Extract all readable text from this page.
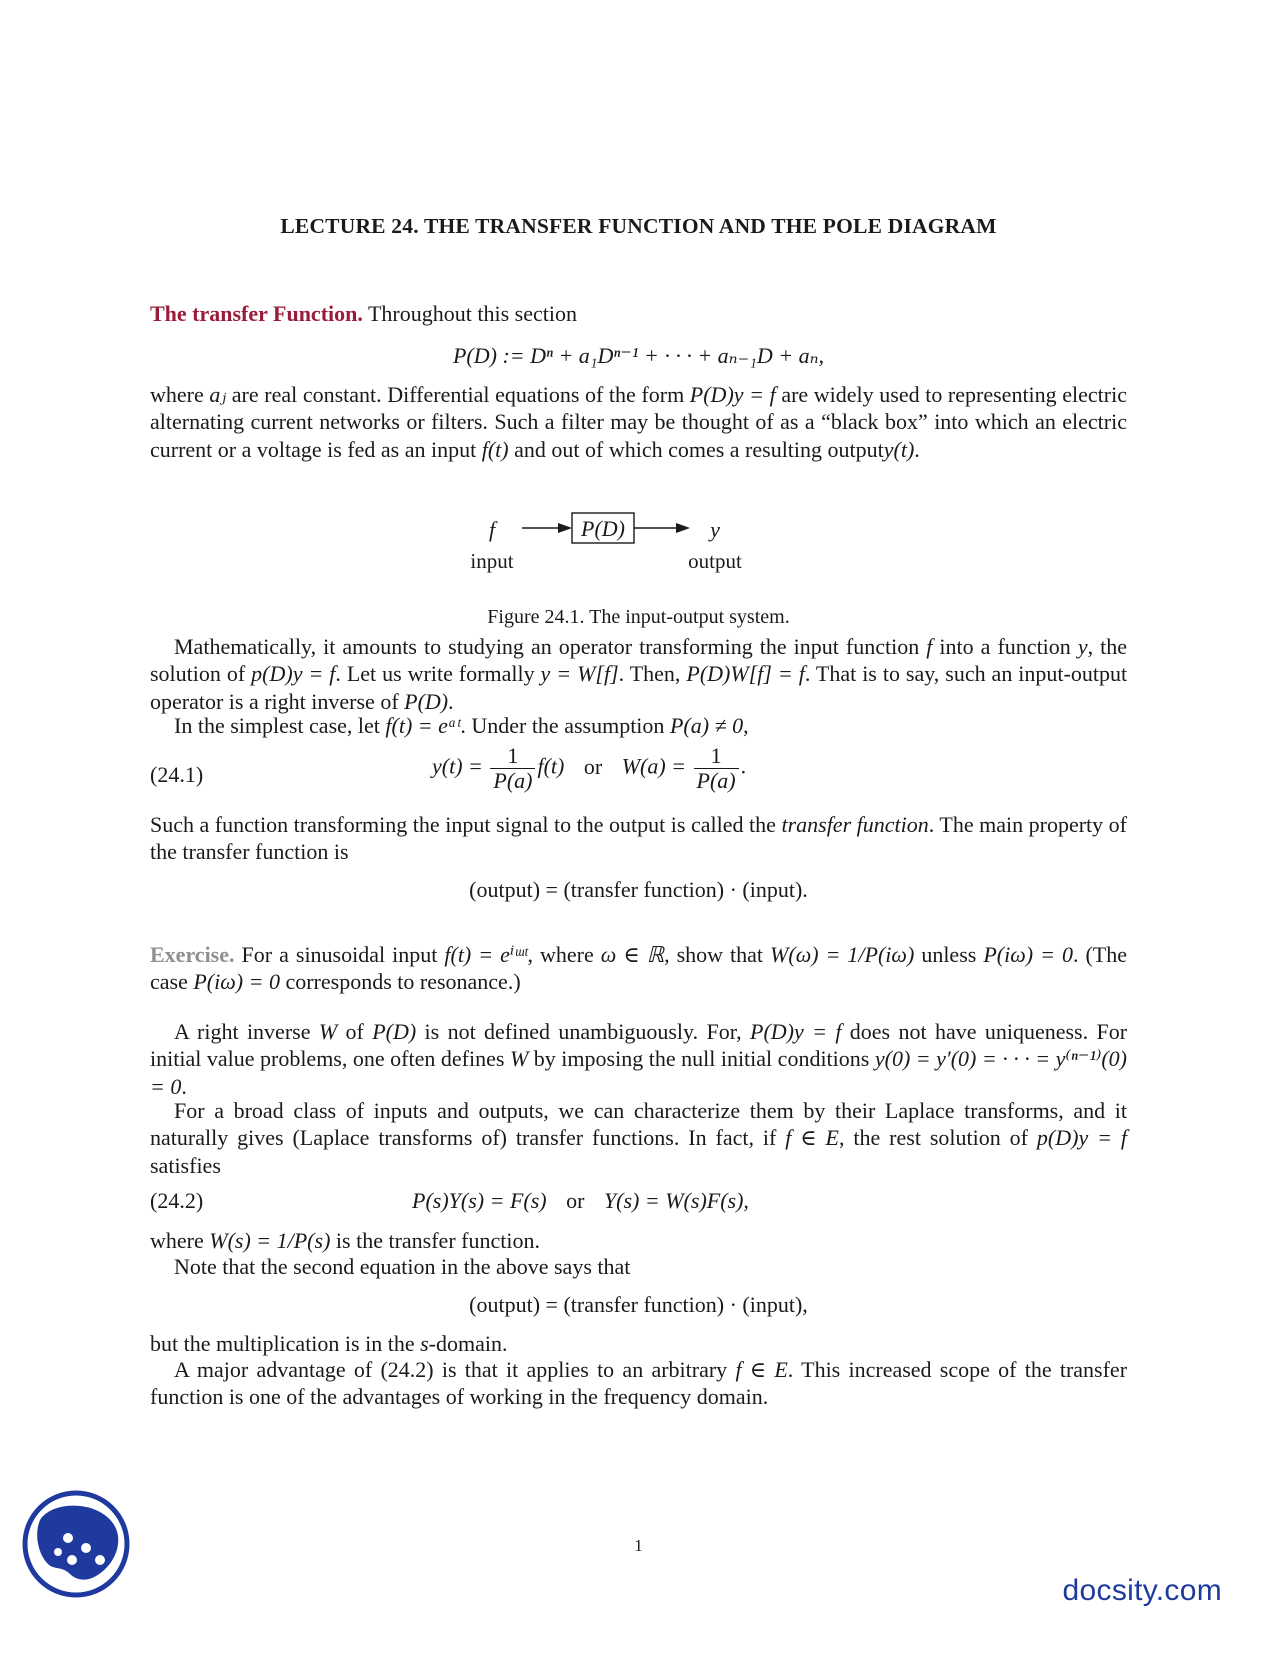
LECTURE 24. THE TRANSFER FUNCTION AND THE POLE DIAGRAM
The transfer Function. Throughout this section
P(D) := Dⁿ + a₁Dⁿ⁻¹ + · · · + aₙ₋₁D + aₙ,
where aⱼ are real constant. Differential equations of the form P(D)y = f are widely used to representing electric alternating current networks or filters. Such a filter may be thought of as a “black box” into which an electric current or a voltage is fed as an input f(t) and out of which comes a resulting outputy(t).
f	P(D)	y
input	output
Figure 24.1. The input-output system.
Mathematically, it amounts to studying an operator transforming the input function f into a function y, the solution of p(D)y = f. Let us write formally y = W[f]. Then, P(D)W[f] = f. That is to say, such an input-output operator is a right inverse of P(D).
In the simplest case, let f(t) = eᵃᵗ. Under the assumption P(a) ≠ 0,
(24.1)	$y(t) = \frac{1}{P(a)} f(t)$ or $W(a) = \frac{1}{P(a)}$ .
Such a function transforming the input signal to the output is called the transfer function. The main property of the transfer function is
(output) = (transfer function) · (input).
Exercise. For a sinusoidal input f(t) = eⁱᵚᵗ, where ω ∈ ℝ, show that W(ω) = 1/P(iω) unless P(iω) = 0. (The case P(iω) = 0 corresponds to resonance.)
A right inverse W of P(D) is not defined unambiguously. For, P(D)y = f does not have uniqueness. For initial value problems, one often defines W by imposing the null initial conditions y(0) = y′(0) = · · · = y⁽ⁿ⁻¹⁾(0) = 0.
For a broad class of inputs and outputs, we can characterize them by their Laplace transforms, and it naturally gives (Laplace transforms of) transfer functions. In fact, if f ∈ E, the rest solution of p(D)y = f satisfies
(24.2)	P(s)Y(s) = F(s) or Y(s) = W(s)F(s),
where W(s) = 1/P(s) is the transfer function.
Note that the second equation in the above says that
(output) = (transfer function) · (input),
but the multiplication is in the s-domain.
A major advantage of (24.2) is that it applies to an arbitrary f ∈ E. This increased scope of the transfer function is one of the advantages of working in the frequency domain.
1
docsity.com
